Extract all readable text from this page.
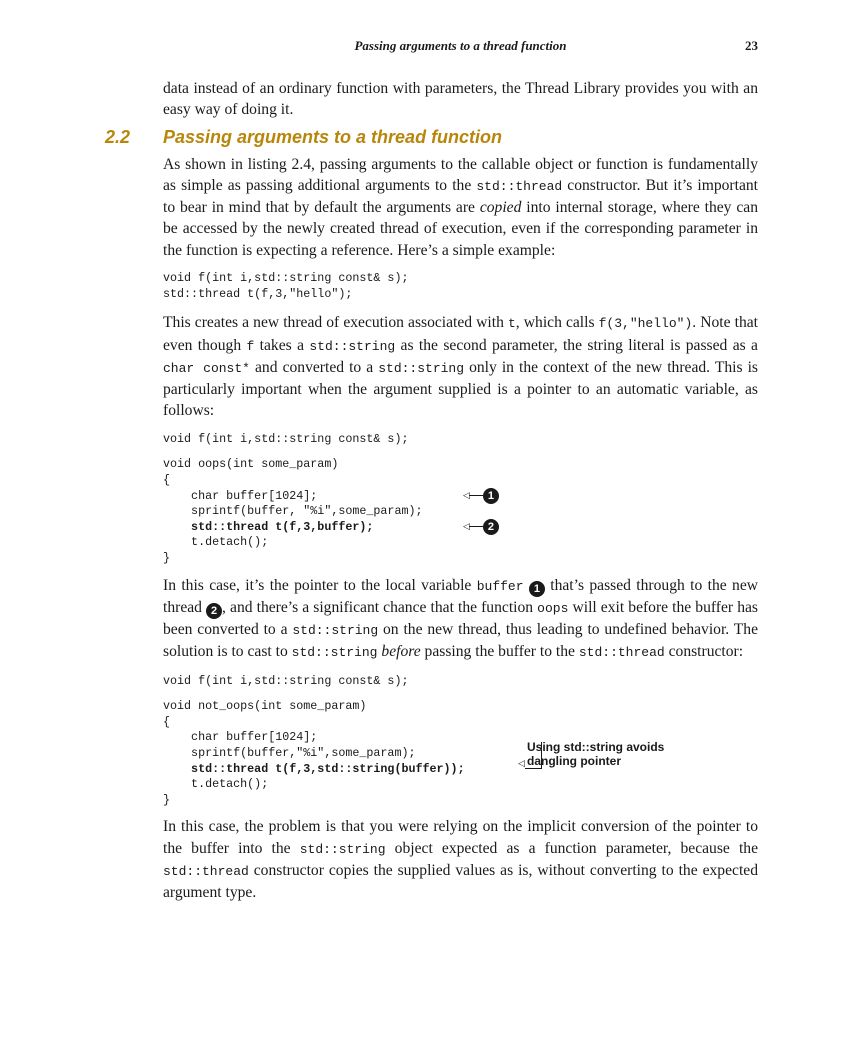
Passing arguments to a thread function	23

data instead of an ordinary function with parameters, the Thread Library provides you with an easy way of doing it.

2.2 Passing arguments to a thread function

As shown in listing 2.4, passing arguments to the callable object or function is fundamentally as simple as passing additional arguments to the std::thread constructor. But it’s important to bear in mind that by default the arguments are copied into internal storage, where they can be accessed by the newly created thread of execution, even if the corresponding parameter in the function is expecting a reference. Here’s a simple example:

void f(int i,std::string const& s);
std::thread t(f,3,"hello");

This creates a new thread of execution associated with t, which calls f(3,"hello"). Note that even though f takes a std::string as the second parameter, the string literal is passed as a char const* and converted to a std::string only in the context of the new thread. This is particularly important when the argument supplied is a pointer to an automatic variable, as follows:

void f(int i,std::string const& s);
void oops(int some_param)
{
char buffer[1024];
sprintf(buffer, "%i",some_param);
std::thread t(f,3,buffer);
t.detach();
}
◁	1
◁	2

In this case, it’s the pointer to the local variable buffer 1 that’s passed through to the new thread 2 , and there’s a significant chance that the function oops will exit before the buffer has been converted to a std::string on the new thread, thus leading to undefined behavior. The solution is to cast to std::string before passing the buffer to the std::thread constructor:

void f(int i,std::string const& s);
void not_oops(int some_param)
{
char buffer[1024];
sprintf(buffer,"%i",some_param);
std::thread t(f,3,std::string(buffer));
t.detach();
}
◁
Using std::string avoids
dangling pointer

In this case, the problem is that you were relying on the implicit conversion of the pointer to the buffer into the std::string object expected as a function parameter, because the std::thread constructor copies the supplied values as is, without converting to the expected argument type.
